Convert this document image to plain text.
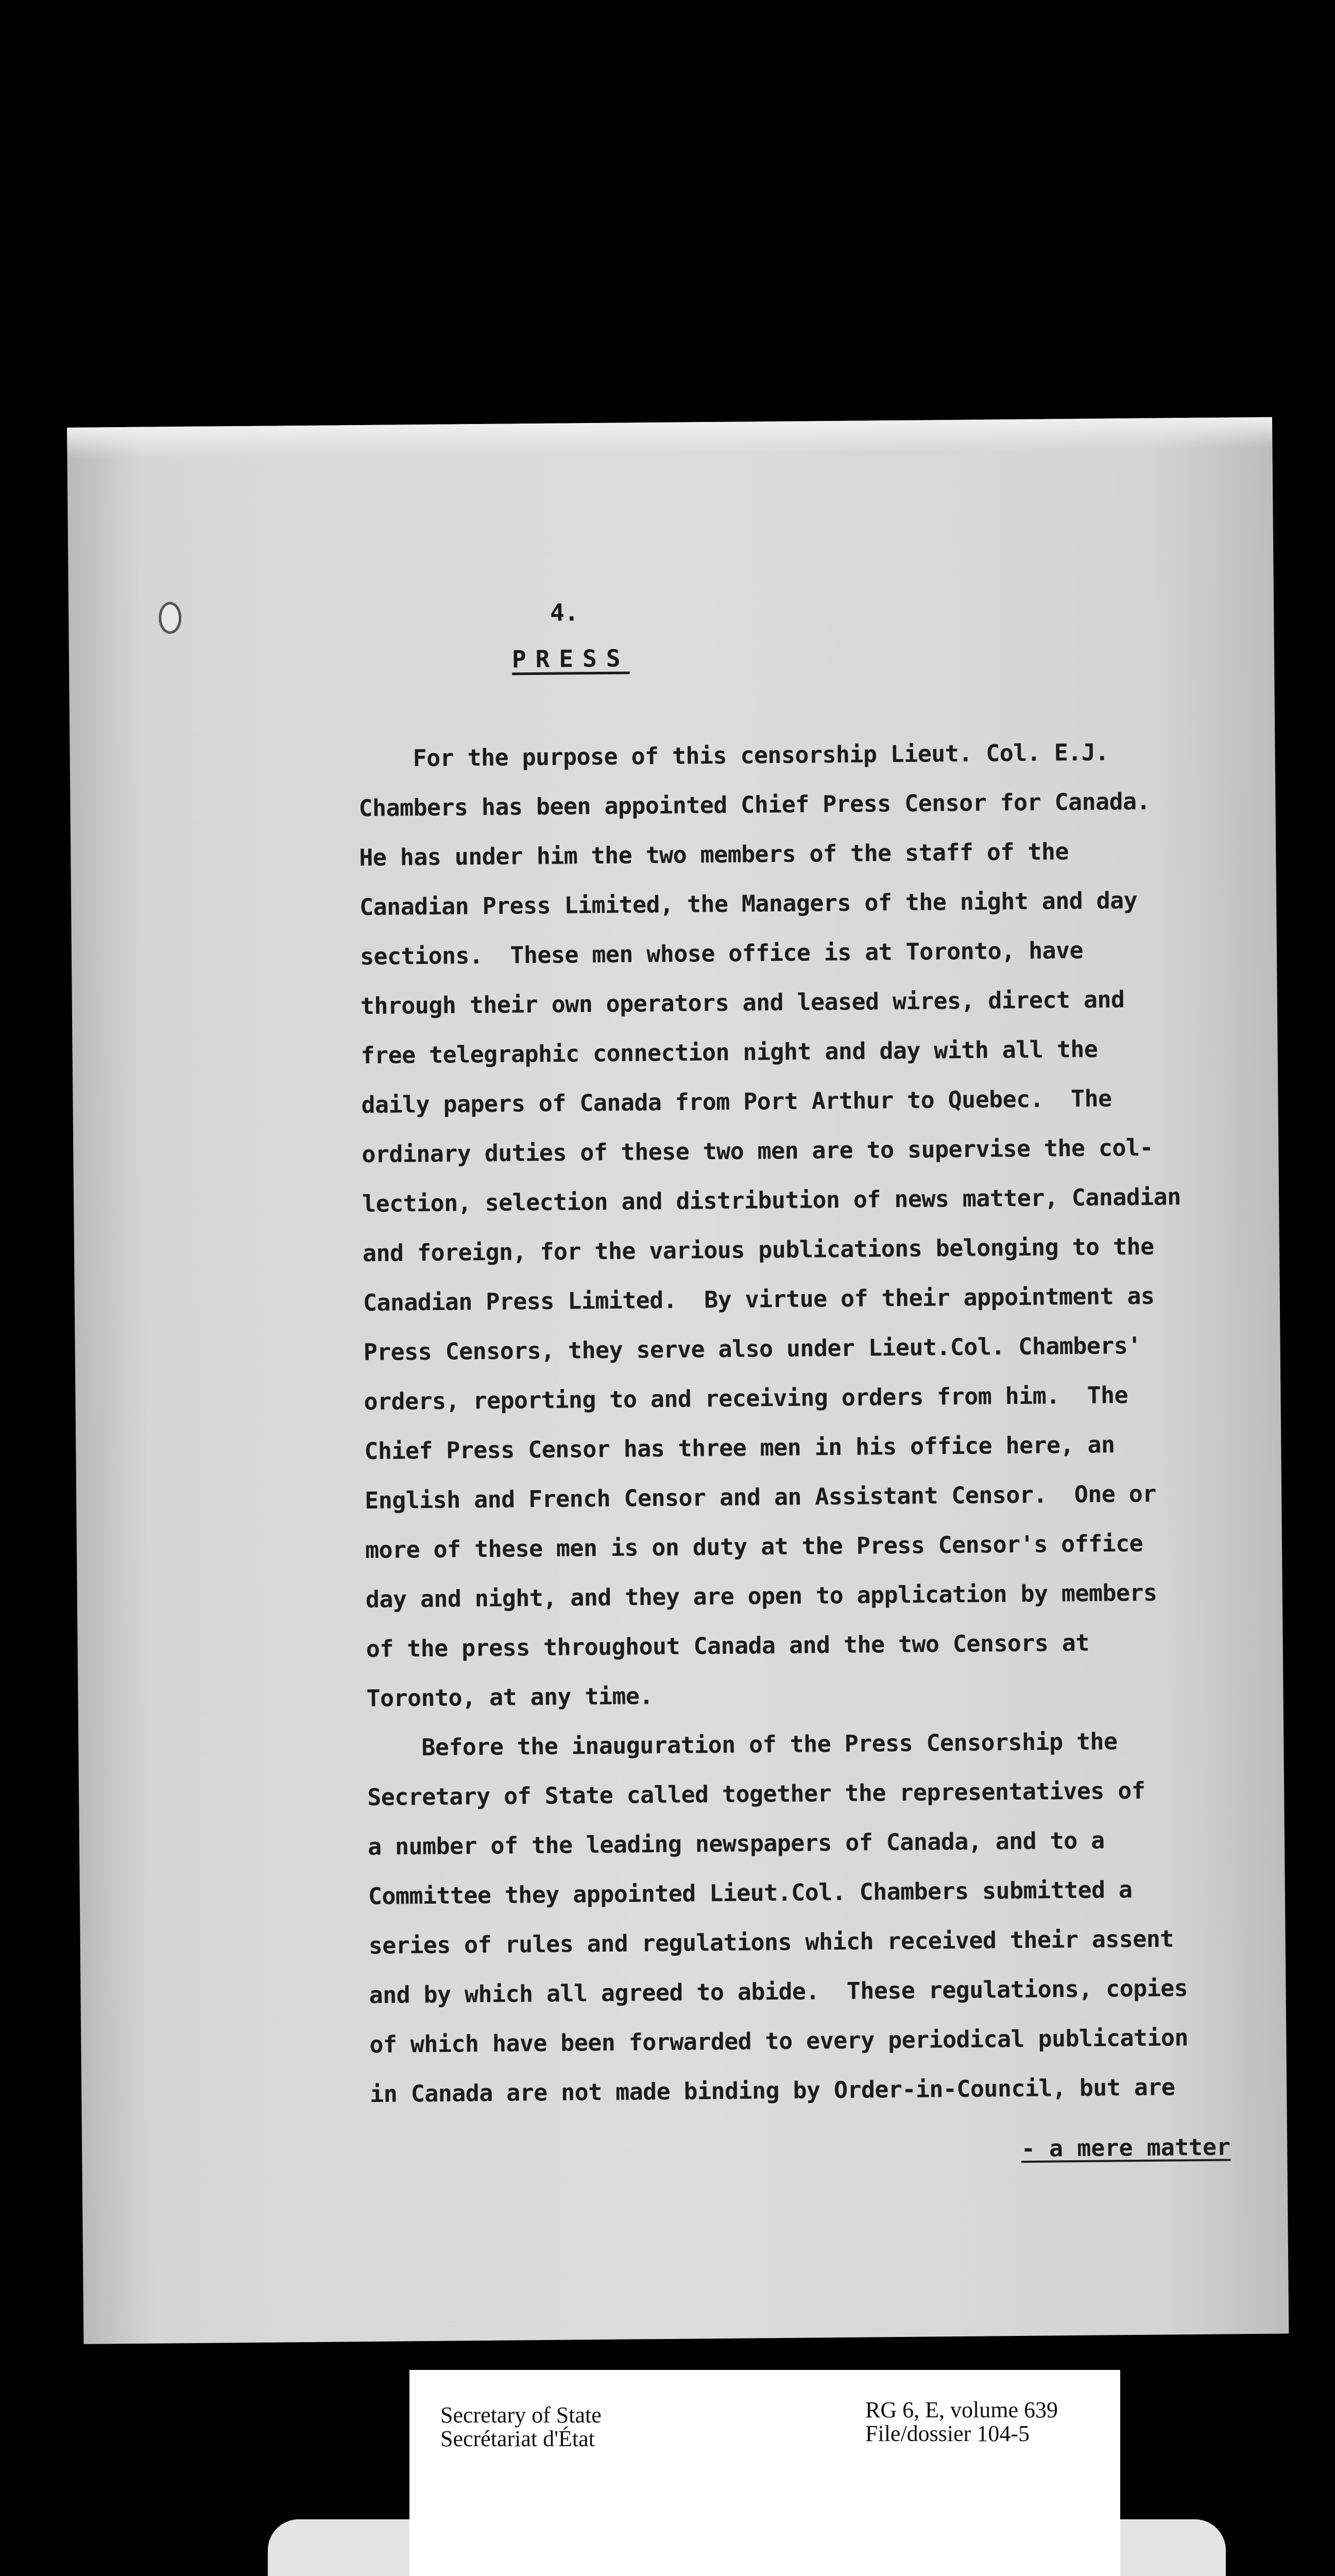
4.
PRESS
For the purpose of this censorship Lieut. Col. E.J.
Chambers has been appointed Chief Press Censor for Canada.
He has under him the two members of the staff of the
Canadian Press Limited, the Managers of the night and day
sections.  These men whose office is at Toronto, have
through their own operators and leased wires, direct and
free telegraphic connection night and day with all the
daily papers of Canada from Port Arthur to Quebec.  The
ordinary duties of these two men are to supervise the col-
lection, selection and distribution of news matter, Canadian
and foreign, for the various publications belonging to the
Canadian Press Limited.  By virtue of their appointment as
Press Censors, they serve also under Lieut.Col. Chambers'
orders, reporting to and receiving orders from him.  The
Chief Press Censor has three men in his office here, an
English and French Censor and an Assistant Censor.  One or
more of these men is on duty at the Press Censor's office
day and night, and they are open to application by members
of the press throughout Canada and the two Censors at
Toronto, at any time.
Before the inauguration of the Press Censorship the
Secretary of State called together the representatives of
a number of the leading newspapers of Canada, and to a
Committee they appointed Lieut.Col. Chambers submitted a
series of rules and regulations which received their assent
and by which all agreed to abide.  These regulations, copies
of which have been forwarded to every periodical publication
in Canada are not made binding by Order-in-Council, but are
- a mere matter
Secretary of State
Secrétariat d'État
RG 6, E, volume 639
File/dossier 104-5
